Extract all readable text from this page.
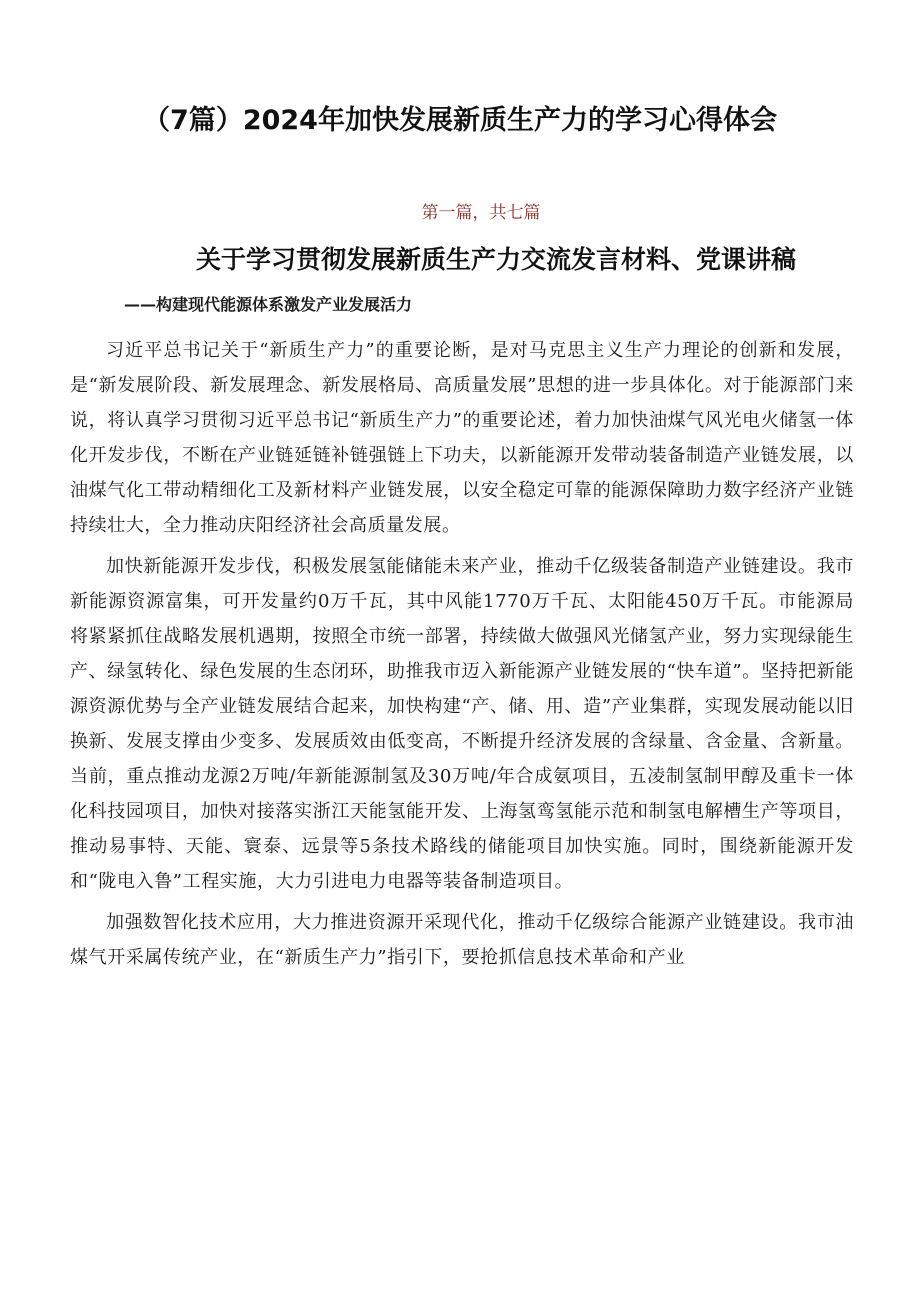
（7篇）2024年加快发展新质生产力的学习心得体会

第一篇，共七篇

关于学习贯彻发展新质生产力交流发言材料、党课讲稿

——构建现代能源体系激发产业发展活力

习近平总书记关于“新质生产力”的重要论断，是对马克思主义生产力理论的创新和发展，是“新发展阶段、新发展理念、新发展格局、高质量发展”思想的进一步具体化。对于能源部门来说，将认真学习贯彻习近平总书记“新质生产力”的重要论述，着力加快油煤气风光电火储氢一体化开发步伐，不断在产业链延链补链强链上下功夫，以新能源开发带动装备制造产业链发展，以油煤气化工带动精细化工及新材料产业链发展，以安全稳定可靠的能源保障助力数字经济产业链持续壮大，全力推动庆阳经济社会高质量发展。

加快新能源开发步伐，积极发展氢能储能未来产业，推动千亿级装备制造产业链建设。我市新能源资源富集，可开发量约0万千瓦，其中风能1770万千瓦、太阳能450万千瓦。市能源局将紧紧抓住战略发展机遇期，按照全市统一部署，持续做大做强风光储氢产业，努力实现绿能生产、绿氢转化、绿色发展的生态闭环，助推我市迈入新能源产业链发展的“快车道”。坚持把新能源资源优势与全产业链发展结合起来，加快构建“产、储、用、造”产业集群，实现发展动能以旧换新、发展支撑由少变多、发展质效由低变高，不断提升经济发展的含绿量、含金量、含新量。当前，重点推动龙源2万吨/年新能源制氢及30万吨/年合成氨项目，五凌制氢制甲醇及重卡一体化科技园项目，加快对接落实浙江天能氢能开发、上海氢鸾氢能示范和制氢电解槽生产等项目，推动易事特、天能、寰泰、远景等5条技术路线的储能项目加快实施。同时，围绕新能源开发和“陇电入鲁”工程实施，大力引进电力电器等装备制造项目。

加强数智化技术应用，大力推进资源开采现代化，推动千亿级综合能源产业链建设。我市油煤气开采属传统产业，在“新质生产力”指引下，要抢抓信息技术革命和产业
